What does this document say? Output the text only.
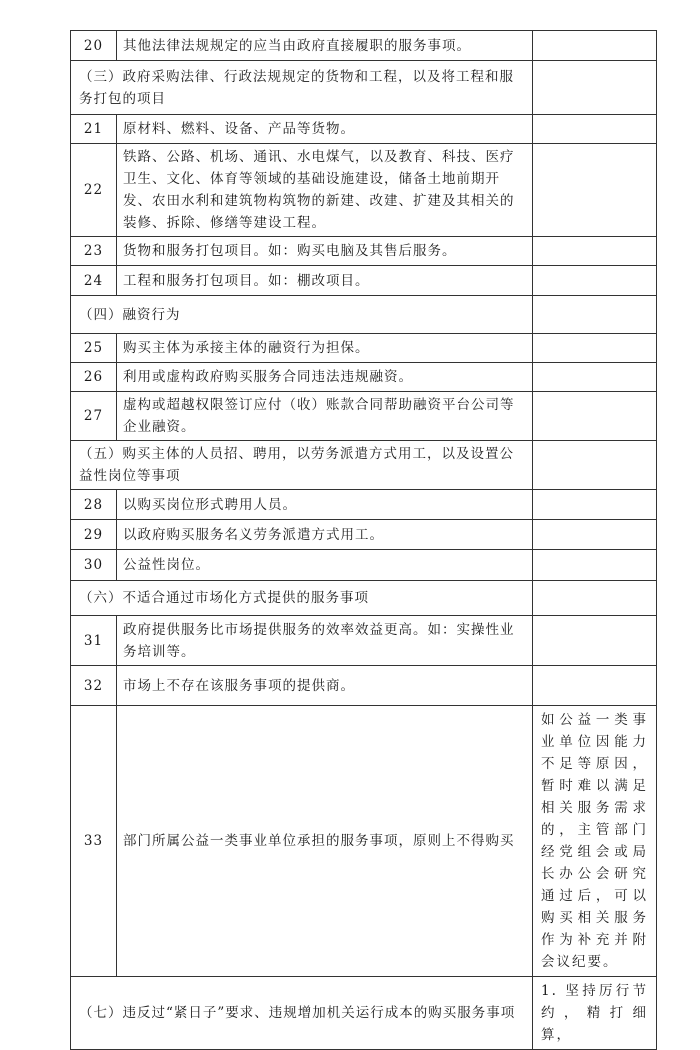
20	其他法律法规规定的应当由政府直接履职的服务事项。	
（三）政府采购法律、行政法规规定的货物和工程，以及将工程和服务打包的项目		
21	原材料、燃料、设备、产品等货物。	
22	铁路、公路、机场、通讯、水电煤气，以及教育、科技、医疗卫生、文化、体育等领域的基础设施建设，储备土地前期开发、农田水利和建筑物构筑物的新建、改建、扩建及其相关的装修、拆除、修缮等建设工程。	
23	货物和服务打包项目。如：购买电脑及其售后服务。	
24	工程和服务打包项目。如：棚改项目。	
（四）融资行为		
25	购买主体为承接主体的融资行为担保。	
26	利用或虚构政府购买服务合同违法违规融资。	
27	虚构或超越权限签订应付（收）账款合同帮助融资平台公司等企业融资。	
（五）购买主体的人员招、聘用，以劳务派遣方式用工，以及设置公益性岗位等事项		
28	以购买岗位形式聘用人员。	
29	以政府购买服务名义劳务派遣方式用工。	
30	公益性岗位。	
（六）不适合通过市场化方式提供的服务事项		
31	政府提供服务比市场提供服务的效率效益更高。如：实操性业务培训等。	
32	市场上不存在该服务事项的提供商。	
33	部门所属公益一类事业单位承担的服务事项，原则上不得购买	如公益一类事业单位因能力不足等原因，暂时难以满足相关服务需求的，主管部门经党组会或局长办公会研究通过后，可以购买相关服务作为补充并附会议纪要。
（七）违反过“紧日子”要求、违规增加机关运行成本的购买服务事项		1. 坚持厉行节约，精打细算，
